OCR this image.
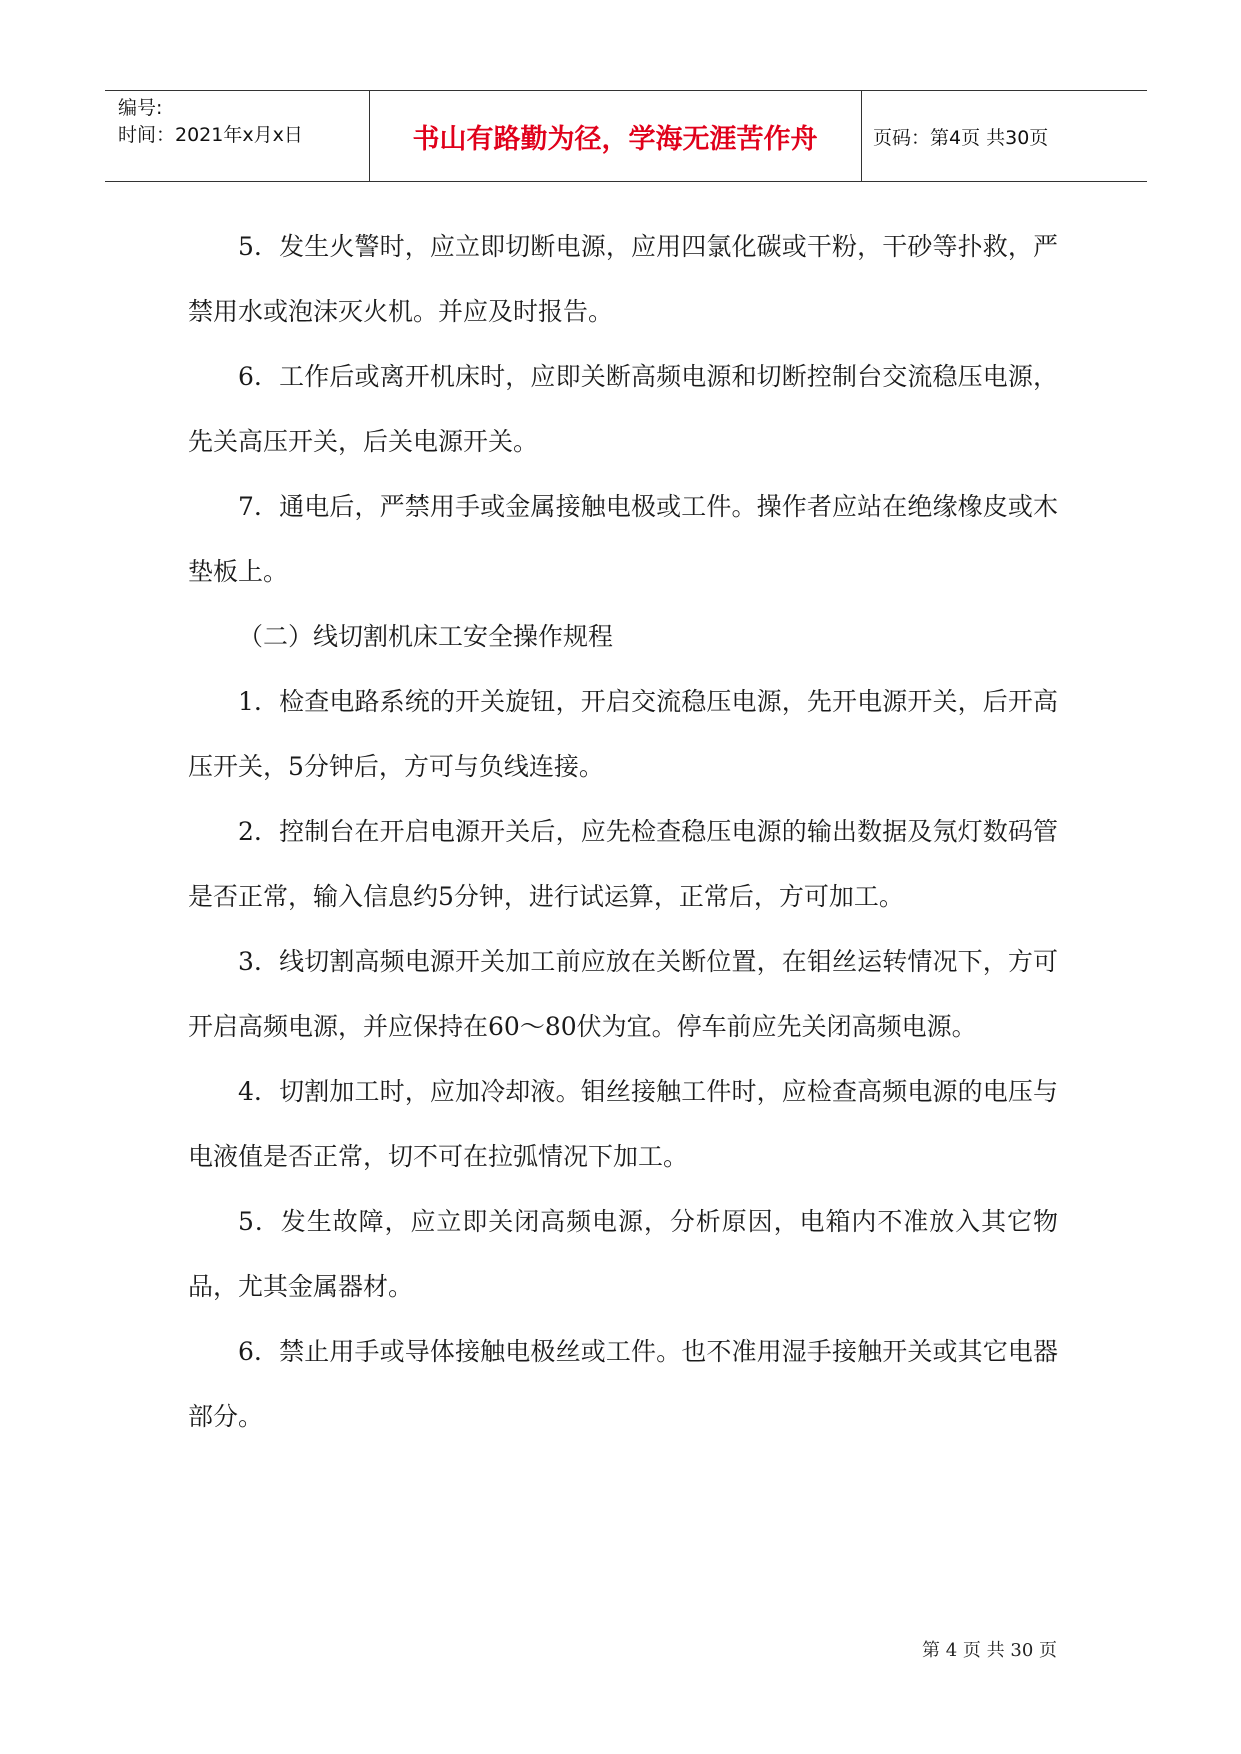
编号:
时间：2021年x月x日	书山有路勤为径，学海无涯苦作舟	页码：第4页 共30页

5．发生火警时，应立即切断电源，应用四氯化碳或干粉，干砂等扑救，严禁用水或泡沫灭火机。并应及时报告。

6．工作后或离开机床时，应即关断高频电源和切断控制台交流稳压电源，先关高压开关，后关电源开关。

7．通电后，严禁用手或金属接触电极或工件。操作者应站在绝缘橡皮或木垫板上。

（二）线切割机床工安全操作规程

1．检查电路系统的开关旋钮，开启交流稳压电源，先开电源开关，后开高压开关，5分钟后，方可与负线连接。

2．控制台在开启电源开关后，应先检查稳压电源的输出数据及氖灯数码管是否正常，输入信息约5分钟，进行试运算，正常后，方可加工。

3．线切割高频电源开关加工前应放在关断位置，在钼丝运转情况下，方可开启高频电源，并应保持在60～80伏为宜。停车前应先关闭高频电源。

4．切割加工时，应加冷却液。钼丝接触工件时，应检查高频电源的电压与电液值是否正常，切不可在拉弧情况下加工。

5．发生故障，应立即关闭高频电源，分析原因，电箱内不准放入其它物品，尤其金属器材。

6．禁止用手或导体接触电极丝或工件。也不准用湿手接触开关或其它电器部分。

第 4 页 共 30 页
